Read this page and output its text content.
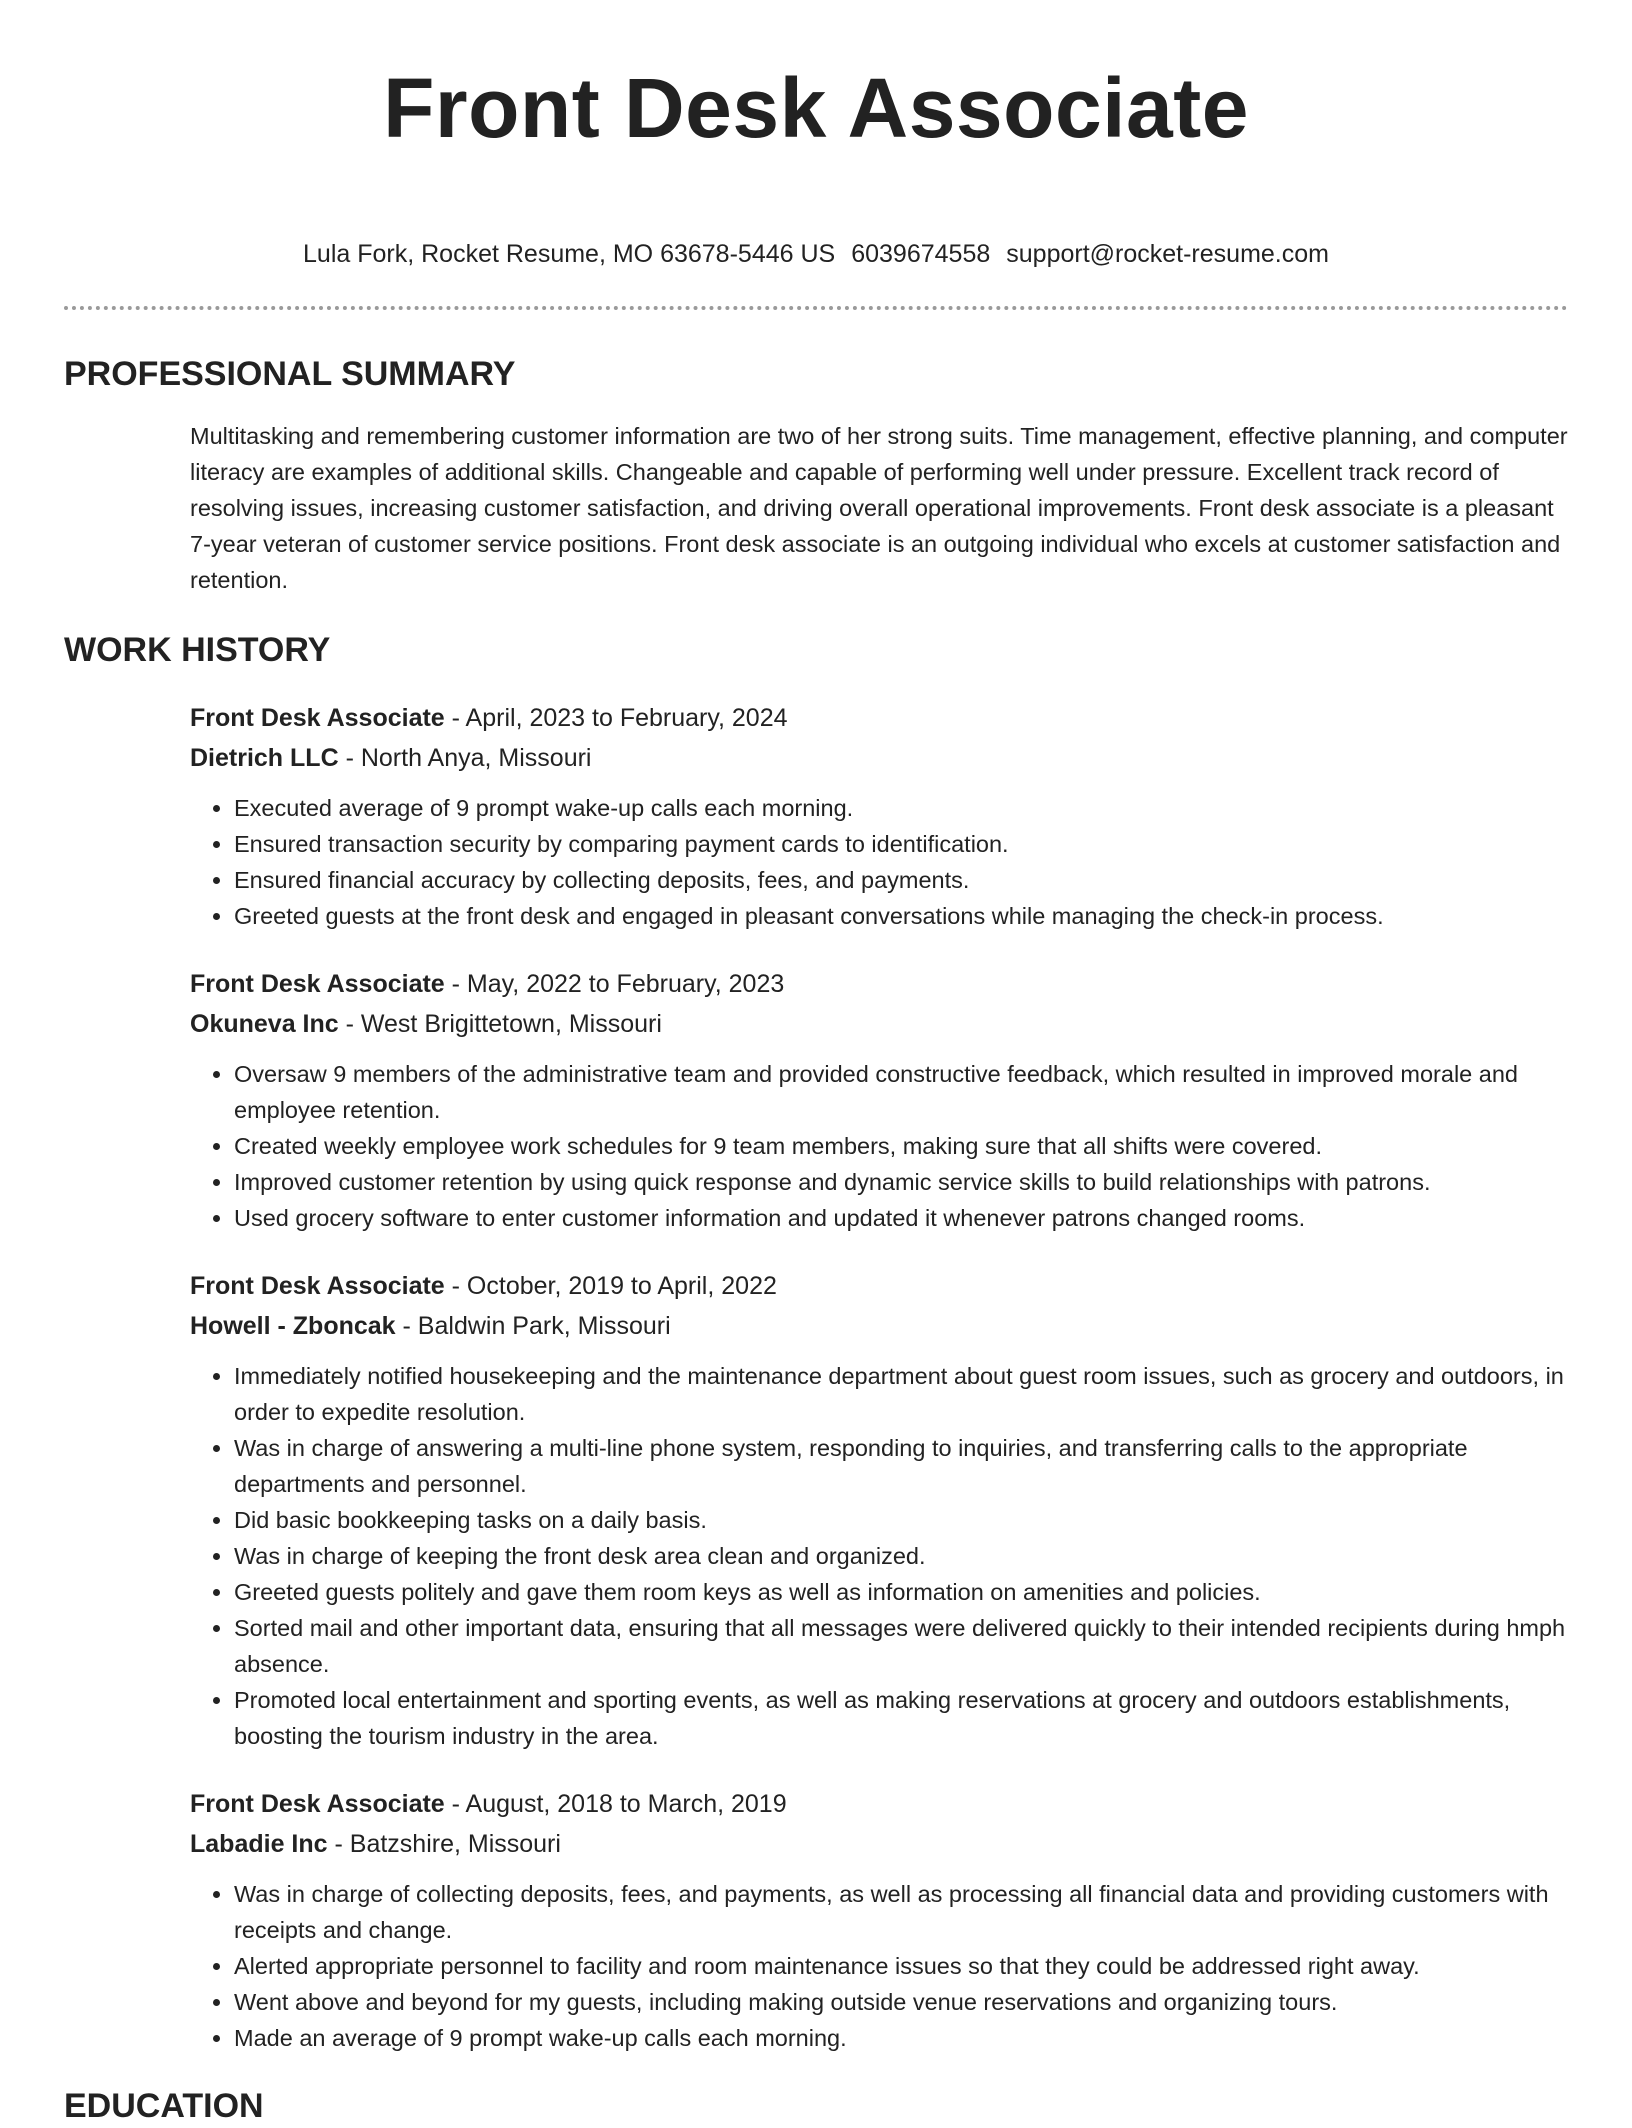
Front Desk Associate
Lula Fork, Rocket Resume, MO 63678-5446 US 6039674558 support@rocket-resume.com
PROFESSIONAL SUMMARY

Multitasking and remembering customer information are two of her strong suits. Time management, effective planning, and computer literacy are examples of additional skills. Changeable and capable of performing well under pressure. Excellent track record of resolving issues, increasing customer satisfaction, and driving overall operational improvements. Front desk associate is a pleasant 7-year veteran of customer service positions. Front desk associate is an outgoing individual who excels at customer satisfaction and retention.

WORK HISTORY
Front Desk Associate - April, 2023 to February, 2024
Dietrich LLC - North Anya, Missouri
• Executed average of 9 prompt wake-up calls each morning.
• Ensured transaction security by comparing payment cards to identification.
• Ensured financial accuracy by collecting deposits, fees, and payments.
• Greeted guests at the front desk and engaged in pleasant conversations while managing the check-in process.
Front Desk Associate - May, 2022 to February, 2023
Okuneva Inc - West Brigittetown, Missouri
• Oversaw 9 members of the administrative team and provided constructive feedback, which resulted in improved morale and employee retention.
• Created weekly employee work schedules for 9 team members, making sure that all shifts were covered.
• Improved customer retention by using quick response and dynamic service skills to build relationships with patrons.
• Used grocery software to enter customer information and updated it whenever patrons changed rooms.
Front Desk Associate - October, 2019 to April, 2022
Howell - Zboncak - Baldwin Park, Missouri
• Immediately notified housekeeping and the maintenance department about guest room issues, such as grocery and outdoors, in order to expedite resolution.
• Was in charge of answering a multi-line phone system, responding to inquiries, and transferring calls to the appropriate departments and personnel.
• Did basic bookkeeping tasks on a daily basis.
• Was in charge of keeping the front desk area clean and organized.
• Greeted guests politely and gave them room keys as well as information on amenities and policies.
• Sorted mail and other important data, ensuring that all messages were delivered quickly to their intended recipients during hmph absence.
• Promoted local entertainment and sporting events, as well as making reservations at grocery and outdoors establishments, boosting the tourism industry in the area.
Front Desk Associate - August, 2018 to March, 2019
Labadie Inc - Batzshire, Missouri
• Was in charge of collecting deposits, fees, and payments, as well as processing all financial data and providing customers with receipts and change.
• Alerted appropriate personnel to facility and room maintenance issues so that they could be addressed right away.
• Went above and beyond for my guests, including making outside venue reservations and organizing tours.
• Made an average of 9 prompt wake-up calls each morning.
EDUCATION
